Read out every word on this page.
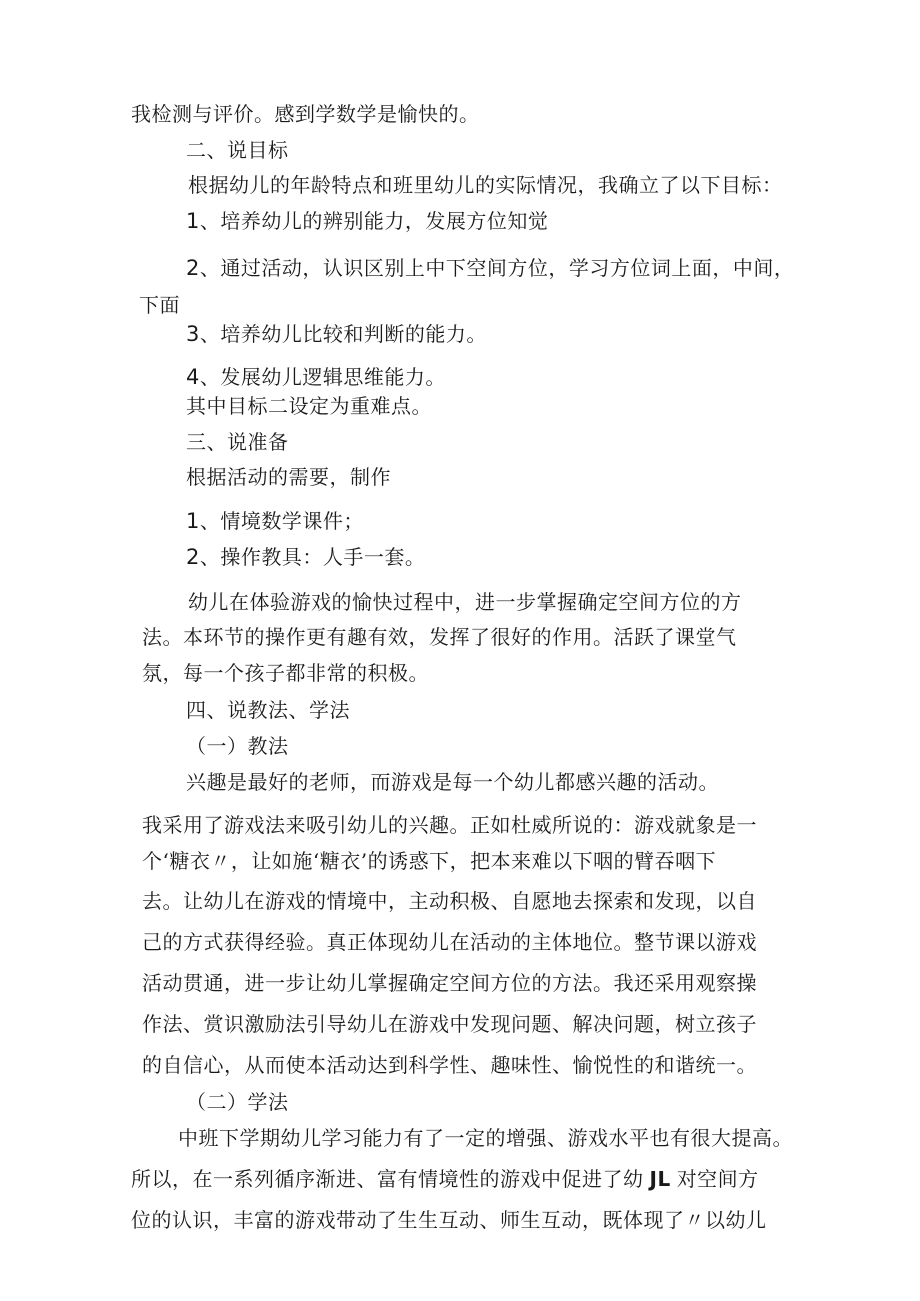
我检测与评价。感到学数学是愉快的。
二、说目标
根据幼儿的年龄特点和班里幼儿的实际情况，我确立了以下目标：
1、培养幼儿的辨别能力，发展方位知觉
2、通过活动，认识区别上中下空间方位，学习方位词上面，中间，
下面
3、培养幼儿比较和判断的能力。
4、发展幼儿逻辑思维能力。
其中目标二设定为重难点。
三、说准备
根据活动的需要，制作
1、情境数学课件；
2、操作教具：人手一套。
幼儿在体验游戏的愉快过程中，进一步掌握确定空间方位的方
法。本环节的操作更有趣有效，发挥了很好的作用。活跃了课堂气
氛，每一个孩子都非常的积极。
四、说教法、学法
（一）教法
兴趣是最好的老师，而游戏是每一个幼儿都感兴趣的活动。
我采用了游戏法来吸引幼儿的兴趣。正如杜威所说的：游戏就象是一
个‘糖衣〃，让如施‘糖衣’的诱惑下，把本来难以下咽的臂吞咽下
去。让幼儿在游戏的情境中，主动积极、自愿地去探索和发现，以自
己的方式获得经验。真正体现幼儿在活动的主体地位。整节课以游戏
活动贯通，进一步让幼儿掌握确定空间方位的方法。我还采用观察操
作法、赏识激励法引导幼儿在游戏中发现问题、解决问题，树立孩子
的自信心，从而使本活动达到科学性、趣味性、愉悦性的和谐统一。
（二）学法
中班下学期幼儿学习能力有了一定的增强、游戏水平也有很大提高。
所以，在一系列循序渐进、富有情境性的游戏中促进了幼 JL 对空间方
位的认识，丰富的游戏带动了生生互动、师生互动，既体现了〃以幼儿
